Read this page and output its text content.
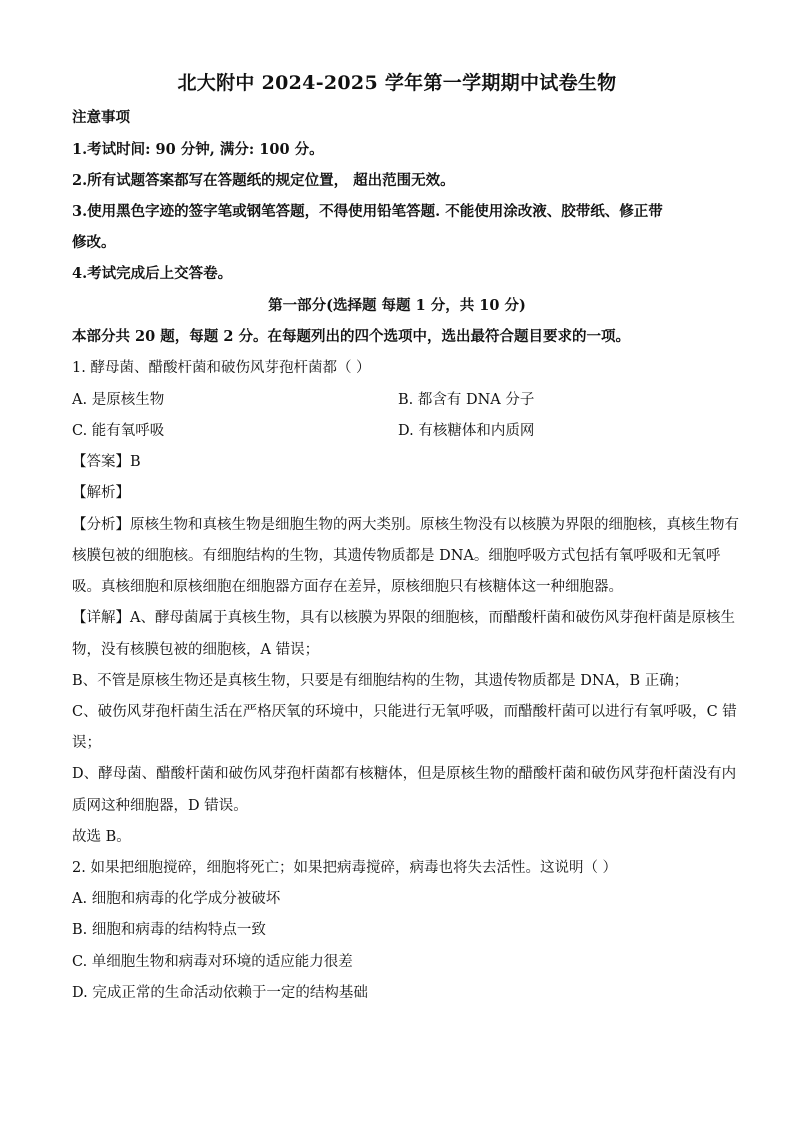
北大附中 2024-2025 学年第一学期期中试卷生物
注意事项
1.考试时间: 90 分钟, 满分: 100 分。
2.所有试题答案都写在答题纸的规定位置， 超出范围无效。
3.使用黑色字迹的签字笔或钢笔答题，不得使用铅笔答题. 不能使用涂改液、胶带纸、修正带
修改。
4.考试完成后上交答卷。
第一部分(选择题 每题 1 分，共 10 分)
本部分共 20 题，每题 2 分。在每题列出的四个选项中，选出最符合题目要求的一项。
1. 酵母菌、醋酸杆菌和破伤风芽孢杆菌都（ ）
A. 是原核生物	B. 都含有 DNA 分子
C. 能有氧呼吸	D. 有核糖体和内质网
【答案】B
【解析】
【分析】原核生物和真核生物是细胞生物的两大类别。原核生物没有以核膜为界限的细胞核，真核生物有
核膜包被的细胞核。有细胞结构的生物，其遗传物质都是 DNA。细胞呼吸方式包括有氧呼吸和无氧呼
吸。真核细胞和原核细胞在细胞器方面存在差异，原核细胞只有核糖体这一种细胞器。
【详解】A、酵母菌属于真核生物，具有以核膜为界限的细胞核，而醋酸杆菌和破伤风芽孢杆菌是原核生
物，没有核膜包被的细胞核，A 错误；
B、不管是原核生物还是真核生物，只要是有细胞结构的生物，其遗传物质都是 DNA，B 正确；
C、破伤风芽孢杆菌生活在严格厌氧的环境中，只能进行无氧呼吸，而醋酸杆菌可以进行有氧呼吸，C 错
误；
D、酵母菌、醋酸杆菌和破伤风芽孢杆菌都有核糖体，但是原核生物的醋酸杆菌和破伤风芽孢杆菌没有内
质网这种细胞器，D 错误。
故选 B。
2. 如果把细胞搅碎，细胞将死亡；如果把病毒搅碎，病毒也将失去活性。这说明（ ）
A. 细胞和病毒的化学成分被破坏
B. 细胞和病毒的结构特点一致
C. 单细胞生物和病毒对环境的适应能力很差
D. 完成正常的生命活动依赖于一定的结构基础
